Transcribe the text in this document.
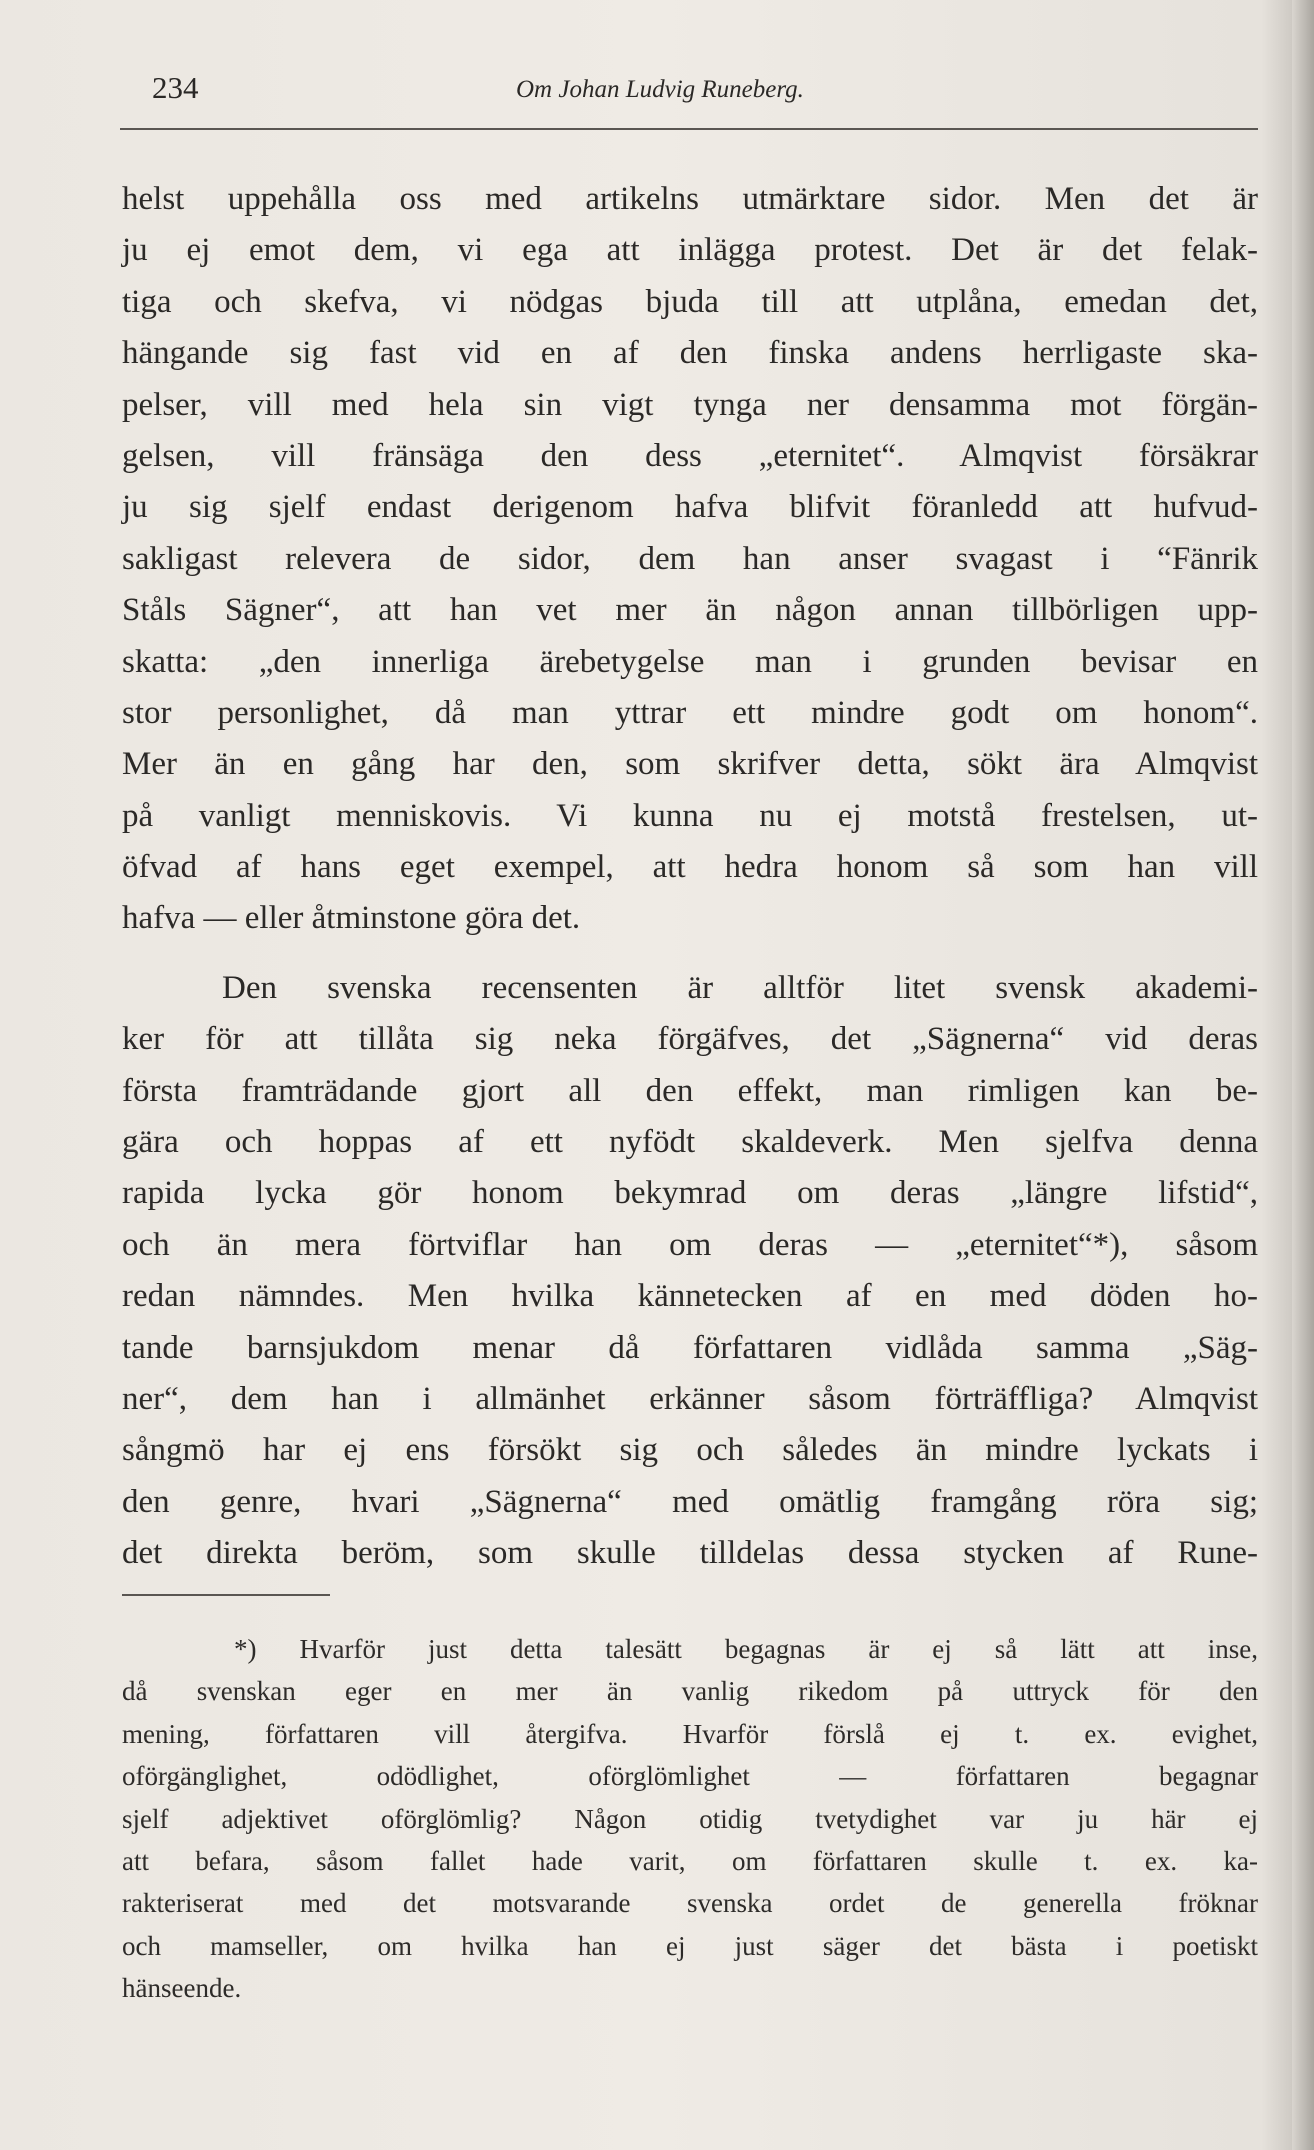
234	Om Johan Ludvig Runeberg.
helst uppehålla oss med artikelns utmärktare sidor. Men det är
ju ej emot dem, vi ega att inlägga protest. Det är det felak-
tiga och skefva, vi nödgas bjuda till att utplåna, emedan det,
hängande sig fast vid en af den finska andens herrligaste ska-
pelser, vill med hela sin vigt tynga ner densamma mot förgän-
gelsen, vill fränsäga den dess „eternitet“. Almqvist försäkrar
ju sig sjelf endast derigenom hafva blifvit föranledd att hufvud-
sakligast relevera de sidor, dem han anser svagast i “Fänrik
Ståls Sägner“, att han vet mer än någon annan tillbörligen upp-
skatta: „den innerliga ärebetygelse man i grunden bevisar en
stor personlighet, då man yttrar ett mindre godt om honom“.
Mer än en gång har den, som skrifver detta, sökt ära Almqvist
på vanligt menniskovis. Vi kunna nu ej motstå frestelsen, ut-
öfvad af hans eget exempel, att hedra honom så som han vill
hafva — eller åtminstone göra det.
Den svenska recensenten är alltför litet svensk akademi-
ker för att tillåta sig neka förgäfves, det „Sägnerna“ vid deras
första framträdande gjort all den effekt, man rimligen kan be-
gära och hoppas af ett nyfödt skaldeverk. Men sjelfva denna
rapida lycka gör honom bekymrad om deras „längre lifstid“,
och än mera förtviflar han om deras — „eternitet“*), såsom
redan nämndes. Men hvilka kännetecken af en med döden ho-
tande barnsjukdom menar då författaren vidlåda samma „Säg-
ner“, dem han i allmänhet erkänner såsom förträffliga? Almqvist
sångmö har ej ens försökt sig och således än mindre lyckats i
den genre, hvari „Sägnerna“ med omätlig framgång röra sig;
det direkta beröm, som skulle tilldelas dessa stycken af Rune-
*) Hvarför just detta talesätt begagnas är ej så lätt att inse,
då svenskan eger en mer än vanlig rikedom på uttryck för den
mening, författaren vill återgifva. Hvarför förslå ej t. ex. evighet,
oförgänglighet, odödlighet, oförglömlighet — författaren begagnar
sjelf adjektivet oförglömlig? Någon otidig tvetydighet var ju här ej
att befara, såsom fallet hade varit, om författaren skulle t. ex. ka-
rakteriserat med det motsvarande svenska ordet de generella fröknar
och mamseller, om hvilka han ej just säger det bästa i poetiskt
hänseende.
